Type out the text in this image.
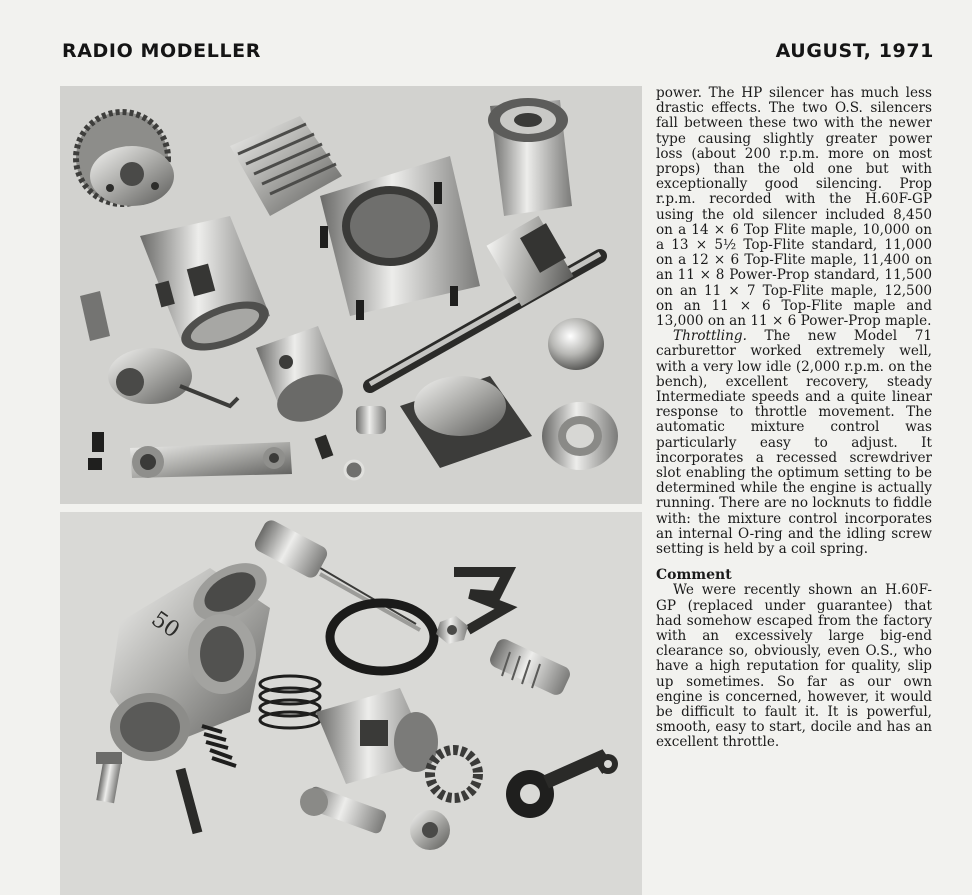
RADIO MODELLER	AUGUST, 1971
50

power. The HP silencer has much less drastic effects. The two O.S. silencers fall between these two with the newer type causing slightly greater power loss (about 200 r.p.m. more on most props) than the old one but with exceptionally good silencing. Prop r.p.m. recorded with the H.60F-GP using the old silencer included 8,450 on a 14 × 6 Top Flite maple, 10,000 on a 13 × 5½ Top-Flite standard, 11,000 on a 12 × 6 Top-Flite maple, 11,400 on an 11 × 8 Power-Prop standard, 11,500 on an 11 × 7 Top-Flite maple, 12,500 on an 11 × 6 Top-Flite maple and 13,000 on an 11 × 6 Power-Prop maple.

Throttling. The new Model 71 carburettor worked extremely well, with a very low idle (2,000 r.p.m. on the bench), excellent recovery, steady Intermediate speeds and a quite linear response to throttle movement. The automatic mixture control was particularly easy to adjust. It incorporates a recessed screwdriver slot enabling the optimum setting to be determined while the engine is actually running. There are no locknuts to fiddle with: the mixture control incorporates an internal O-ring and the idling screw setting is held by a coil spring.

Comment

We were recently shown an H.60F-GP (replaced under guarantee) that had somehow escaped from the factory with an excessively large big-end clearance so, obviously, even O.S., who have a high reputation for quality, slip up sometimes. So far as our own engine is concerned, however, it would be difficult to fault it. It is powerful, smooth, easy to start, docile and has an excellent throttle.
